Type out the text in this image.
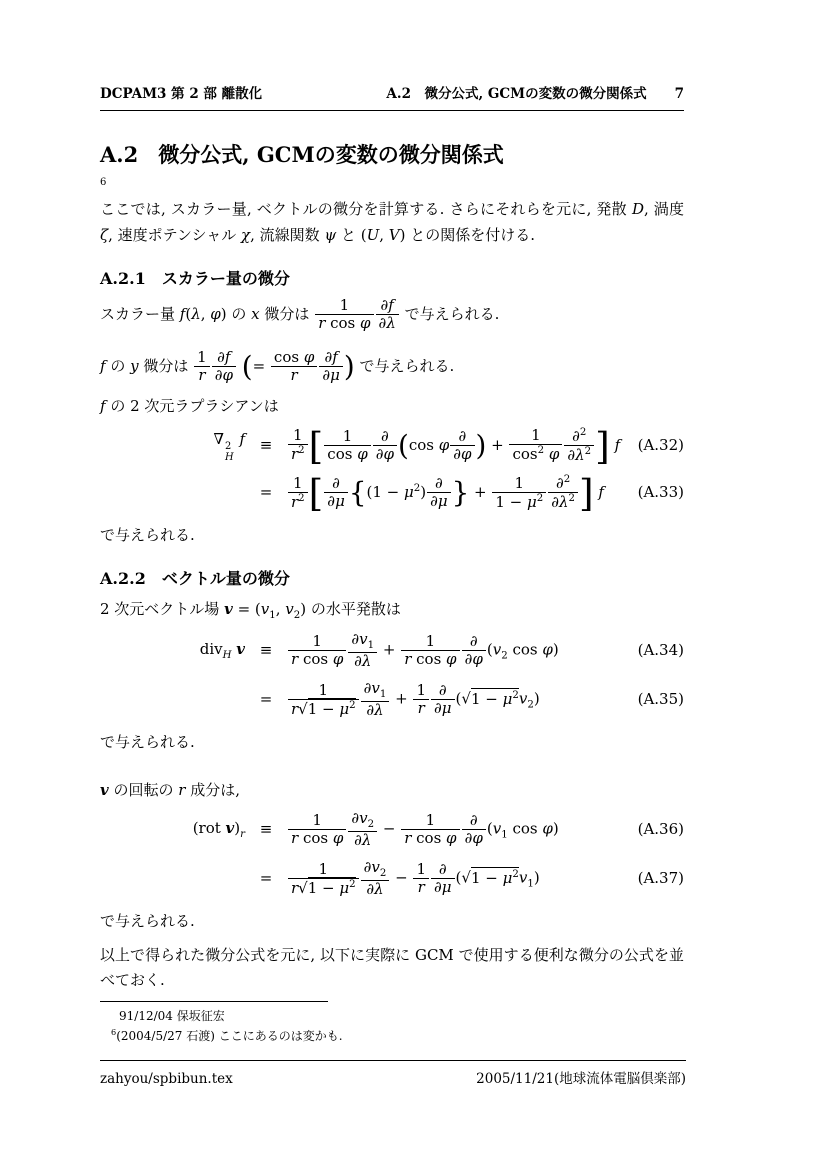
DCPAM3 第 2 部 離散化	A.2　微分公式, GCMの変数の微分関係式 7
A.2 微分公式, GCMの変数の微分関係式
6

ここでは, スカラー量, ベクトルの微分を計算する. さらにそれらを元に, 発散 D, 渦度 ζ, 速度ポテンシャル χ, 流線関数 ψ と (U, V) との関係を付ける.

A.2.1 スカラー量の微分

スカラー量 f(λ, φ) の x 微分は $\frac{1}{\text{r cos φ}} \frac{\partial f}{\partial\lambda}$ で与えられる.

f の y 微分は $\frac{1}{r} \frac{\partial f}{\partial\varphi}$ (= $\frac{\text{cos φ}}{r} \frac{\partial f}{\partial\mu}$ ) で与えられる.

f の 2 次元ラプラシアンは

∇ 2
H
f	≡	$\frac{1}{r^2}$ [ $\frac{1}{\text{cos φ}}$ ∂
∂φ (cos φ ∂
∂φ ) + $\frac{1}{\cos^2 \varphi} \frac{\partial^2}{\partial\lambda^2}$ ] f	(A.32)
	=	$\frac{1}{r^2}$ [ ∂
∂μ {$(1 - \mu^2)$ ∂
∂μ } + $\frac{1}{1 - \mu^2} \frac{\partial^2}{\partial\lambda^2}$ ] f	(A.33)

で与えられる.

A.2.2 ベクトル量の微分

2 次元ベクトル場 $v = (v_1$, $v_2$) の水平発散は

div$_H$ v	≡	$\frac{1}{\text{r cos φ}} \frac{\partial v_1}{\partial\lambda} + \frac{1}{\text{r cos φ}}$ ∂
∂φ
($v_2$ cos φ)	(A.34)
	=	$\frac{1}{r√1 - \mu^2} \frac{\partial v_1}{\partial\lambda} + \frac{1}{r}$ ∂
∂μ
$(√1 - \mu^2v_2)$	(A.35)

で与えられる.

v の回転の r 成分は,

(rot $v)_r$	≡	$\frac{1}{\text{r cos φ}} \frac{\partial v_2}{\partial\lambda} - \frac{1}{\text{r cos φ}}$ ∂
∂φ
($v_1$ cos φ)	(A.36)
	=	$\frac{1}{r√1 - \mu^2} \frac{\partial v_2}{\partial\lambda} - \frac{1}{r}$ ∂
∂μ
$(√1 - \mu^2v_1)$	(A.37)

で与えられる.

以上で得られた微分公式を元に, 以下に実際に GCM で使用する便利な微分の公式を並べておく.

91/12/04 保坂征宏
$^6$(2004/5/27 石渡) ここにあるのは変かも.
zahyou/spbibun.tex	2005/11/21(地球流体電脳倶楽部)
